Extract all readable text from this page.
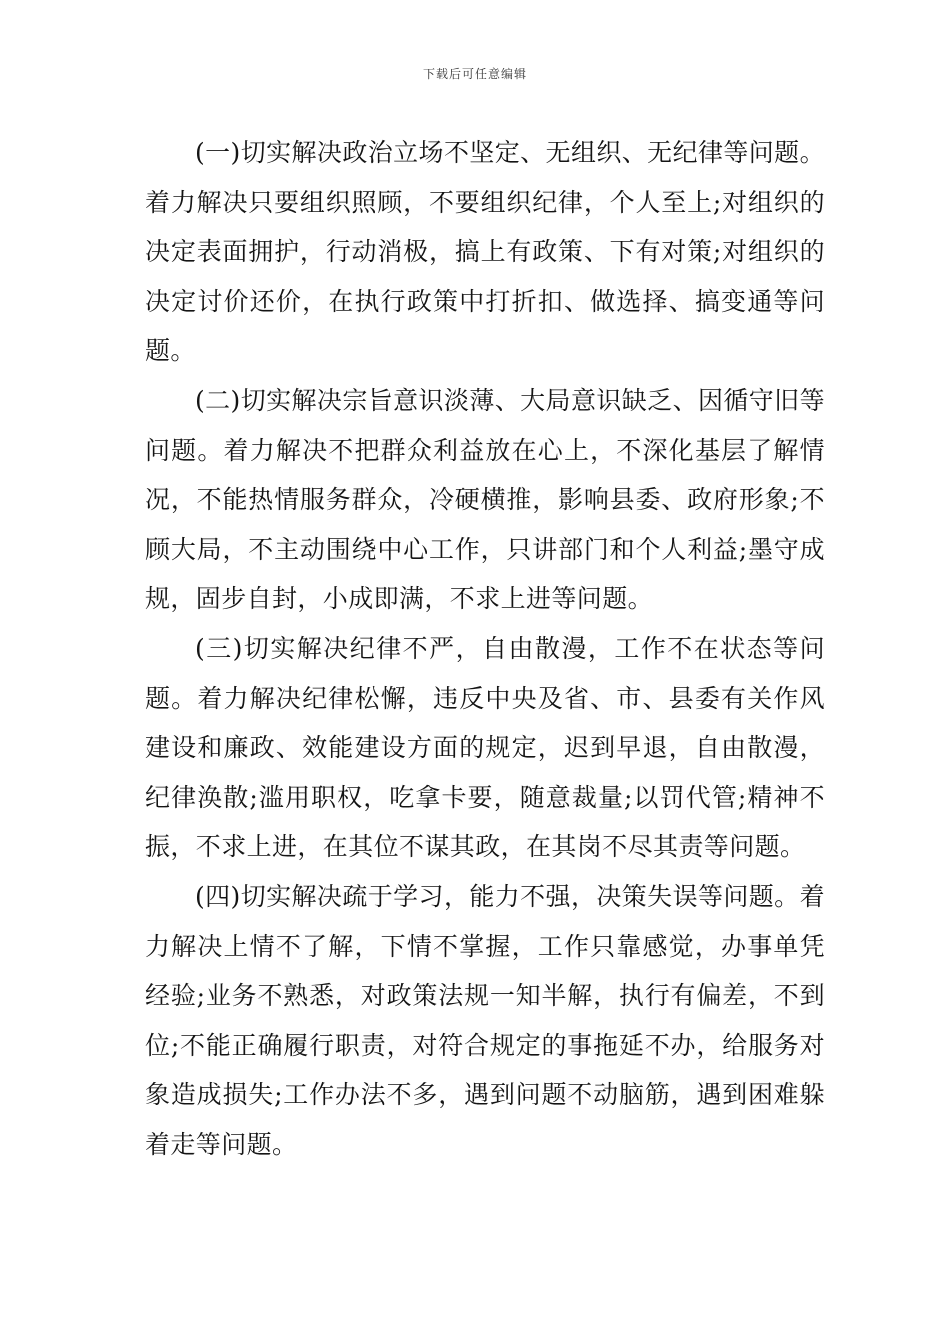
下载后可任意编辑

(一)切实解决政治立场不坚定、无组织、无纪律等问题。着力解决只要组织照顾，不要组织纪律，个人至上;对组织的决定表面拥护，行动消极，搞上有政策、下有对策;对组织的决定讨价还价，在执行政策中打折扣、做选择、搞变通等问题。

(二)切实解决宗旨意识淡薄、大局意识缺乏、因循守旧等问题。着力解决不把群众利益放在心上，不深化基层了解情况，不能热情服务群众，冷硬横推，影响县委、政府形象;不顾大局，不主动围绕中心工作，只讲部门和个人利益;墨守成规，固步自封，小成即满，不求上进等问题。

(三)切实解决纪律不严，自由散漫，工作不在状态等问题。着力解决纪律松懈，违反中央及省、市、县委有关作风建设和廉政、效能建设方面的规定，迟到早退，自由散漫，纪律涣散;滥用职权，吃拿卡要，随意裁量;以罚代管;精神不振，不求上进，在其位不谋其政，在其岗不尽其责等问题。

(四)切实解决疏于学习，能力不强，决策失误等问题。着力解决上情不了解，下情不掌握，工作只靠感觉，办事单凭经验;业务不熟悉，对政策法规一知半解，执行有偏差，不到位;不能正确履行职责，对符合规定的事拖延不办，给服务对象造成损失;工作办法不多，遇到问题不动脑筋，遇到困难躲着走等问题。
